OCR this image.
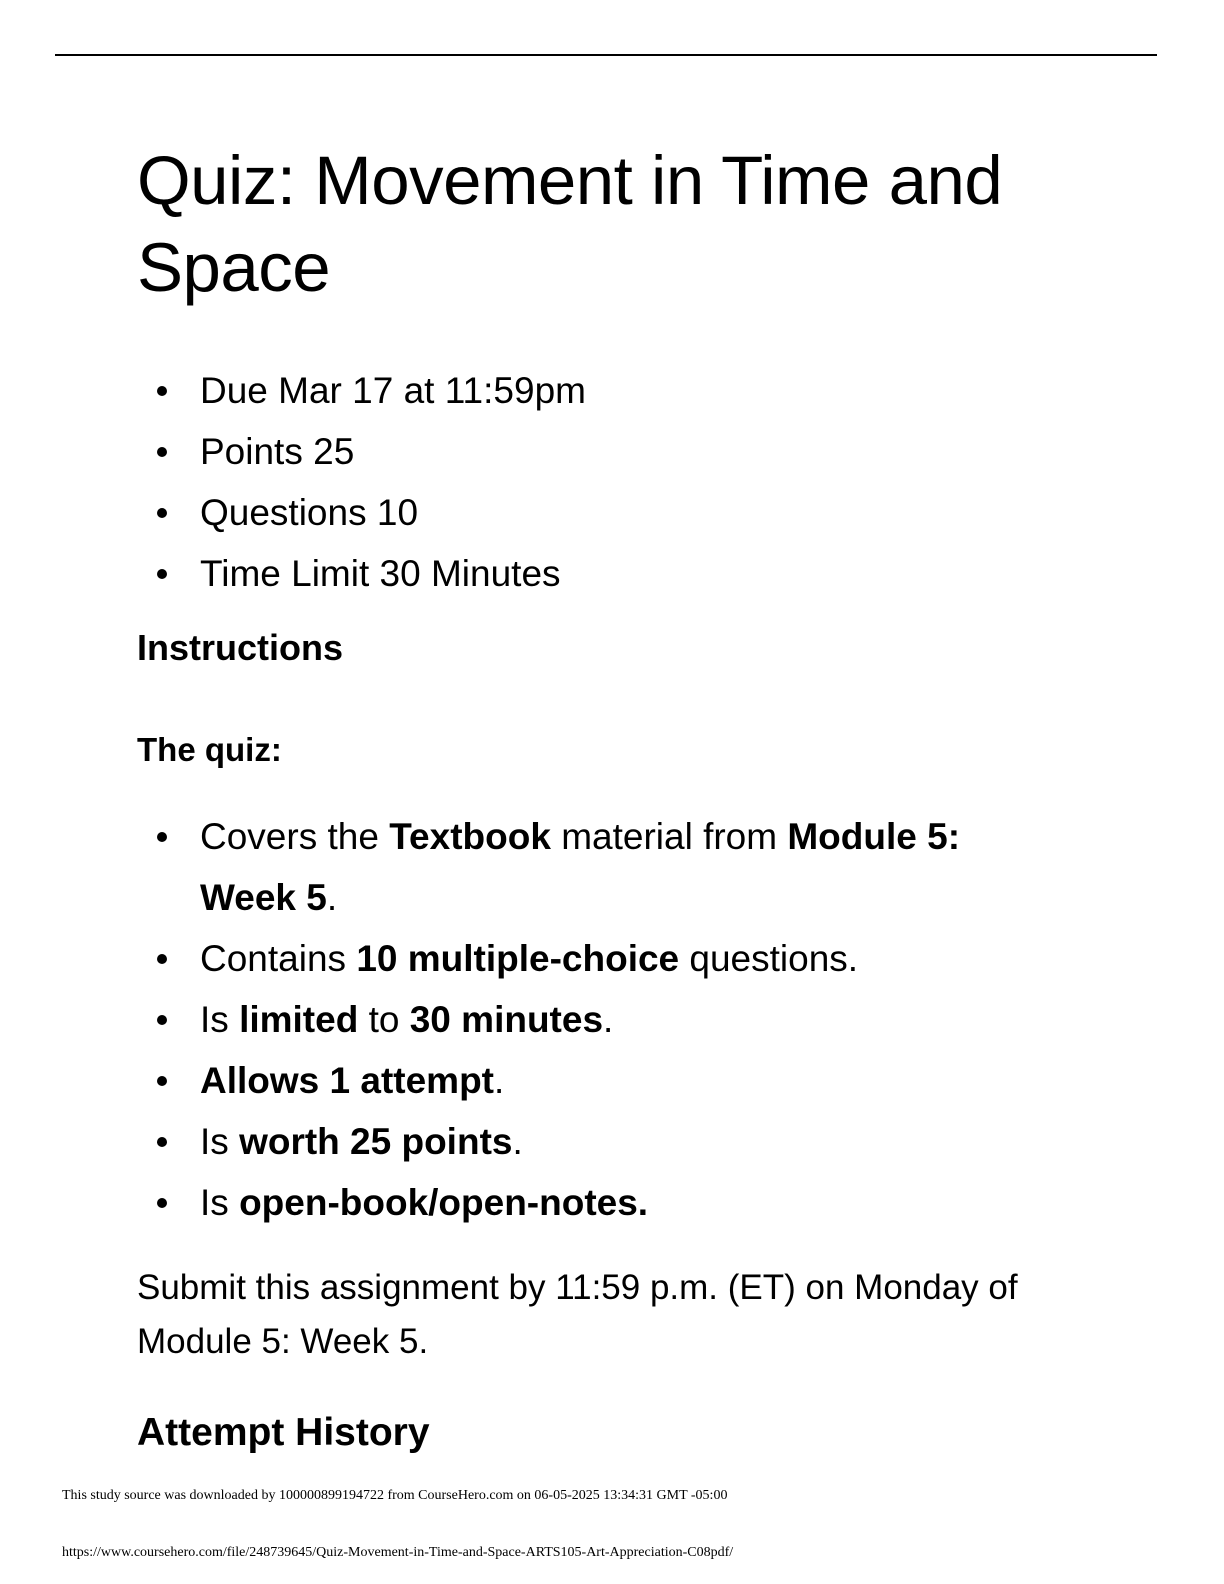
Quiz: Movement in Time and Space
Due Mar 17 at 11:59pm
Points 25
Questions 10
Time Limit 30 Minutes
Instructions
The quiz:
Covers the Textbook material from Module 5: Week 5.
Contains 10 multiple-choice questions.
Is limited to 30 minutes.
Allows 1 attempt.
Is worth 25 points.
Is open-book/open-notes.

Submit this assignment by 11:59 p.m. (ET) on Monday of Module 5: Week 5.

Attempt History

This study source was downloaded by 100000899194722 from CourseHero.com on 06-05-2025 13:34:31 GMT -05:00

https://www.coursehero.com/file/248739645/Quiz-Movement-in-Time-and-Space-ARTS105-Art-Appreciation-C08pdf/
